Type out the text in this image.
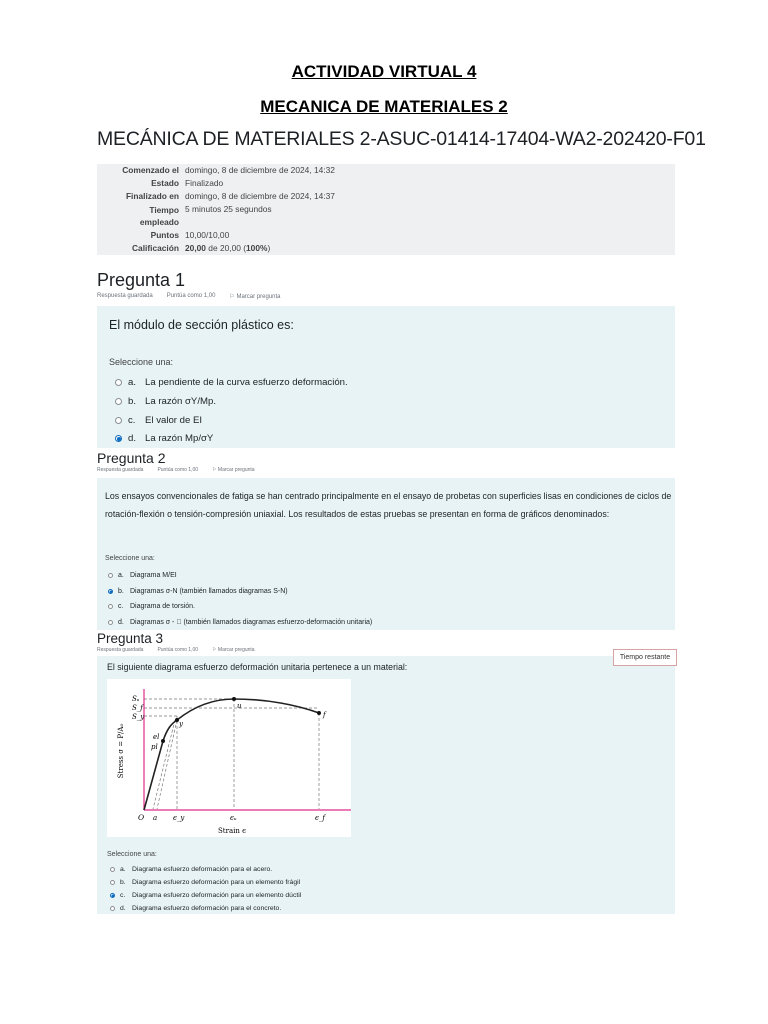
ACTIVIDAD VIRTUAL 4
MECANICA DE MATERIALES 2
MECÁNICA DE MATERIALES 2-ASUC-01414-17404-WA2-202420-F01
Comenzado el domingo, 8 de diciembre de 2024, 14:32
Estado Finalizado
Finalizado en domingo, 8 de diciembre de 2024, 14:37
Tiempo empleado
5 minutos 25 segundos
Puntos 10,00/10,00
Calificación 20,00 de 20,00 (100%)
Pregunta 1
Respuesta guardada Puntúa como 1,00 ⚐ Marcar pregunta
El módulo de sección plástico es:
Seleccione una:
a. La pendiente de la curva esfuerzo deformación.
b. La razón σY/Mp.
c. El valor de EI
d. La razón Mp/σY
Pregunta 2
Respuesta guardada	Puntúa como 1,00	⚐ Marcar pregunta
Los ensayos convencionales de fatiga se han centrado principalmente en el ensayo de probetas con superficies lisas en condiciones de ciclos de rotación-flexión o tensión-compresión uniaxial. Los resultados de estas pruebas se presentan en forma de gráficos denominados:
Seleccione una:
a. Diagrama M/EI
b. Diagramas σ-N (también llamados diagramas S-N)
c. Diagrama de torsión.
d. Diagramas σ - ⃞ (también llamados diagramas esfuerzo-deformación unitaria)
Pregunta 3
Respuesta guardada	Puntúa como 1,00	⚐ Marcar pregunta
El siguiente diagrama esfuerzo deformación unitaria pertenece a un material:
Seleccione una:
a. Diagrama esfuerzo deformación para el acero.
b. Diagrama esfuerzo deformación para un elemento frágil
c. Diagrama esfuerzo deformación para un elemento dúctil
d. Diagrama esfuerzo deformación para el concreto.
Tiempo restante
u
y
el
pl
f
Sᵤ
S_f
S_y
O a ϵ_y	ϵᵤ	ϵ_f
Strain ϵ
Stress σ = P/A₀
